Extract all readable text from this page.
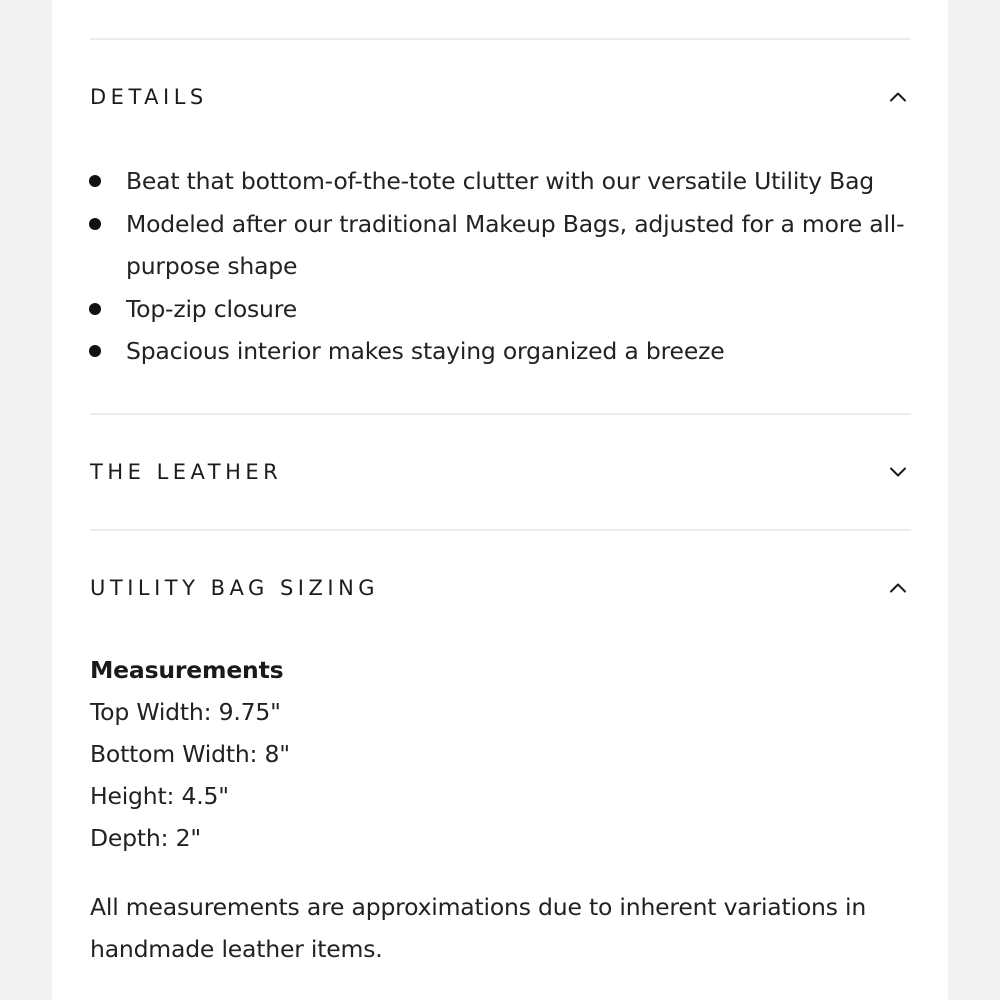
DETAILS
Beat that bottom-of-the-tote clutter with our versatile Utility Bag
Modeled after our traditional Makeup Bags, adjusted for a more all-purpose shape
Top-zip closure
Spacious interior makes staying organized a breeze
THE LEATHER
UTILITY BAG SIZING
Measurements
Top Width: 9.75"
Bottom Width: 8"
Height: 4.5"
Depth: 2"
All measurements are approximations due to inherent variations in handmade leather items.
